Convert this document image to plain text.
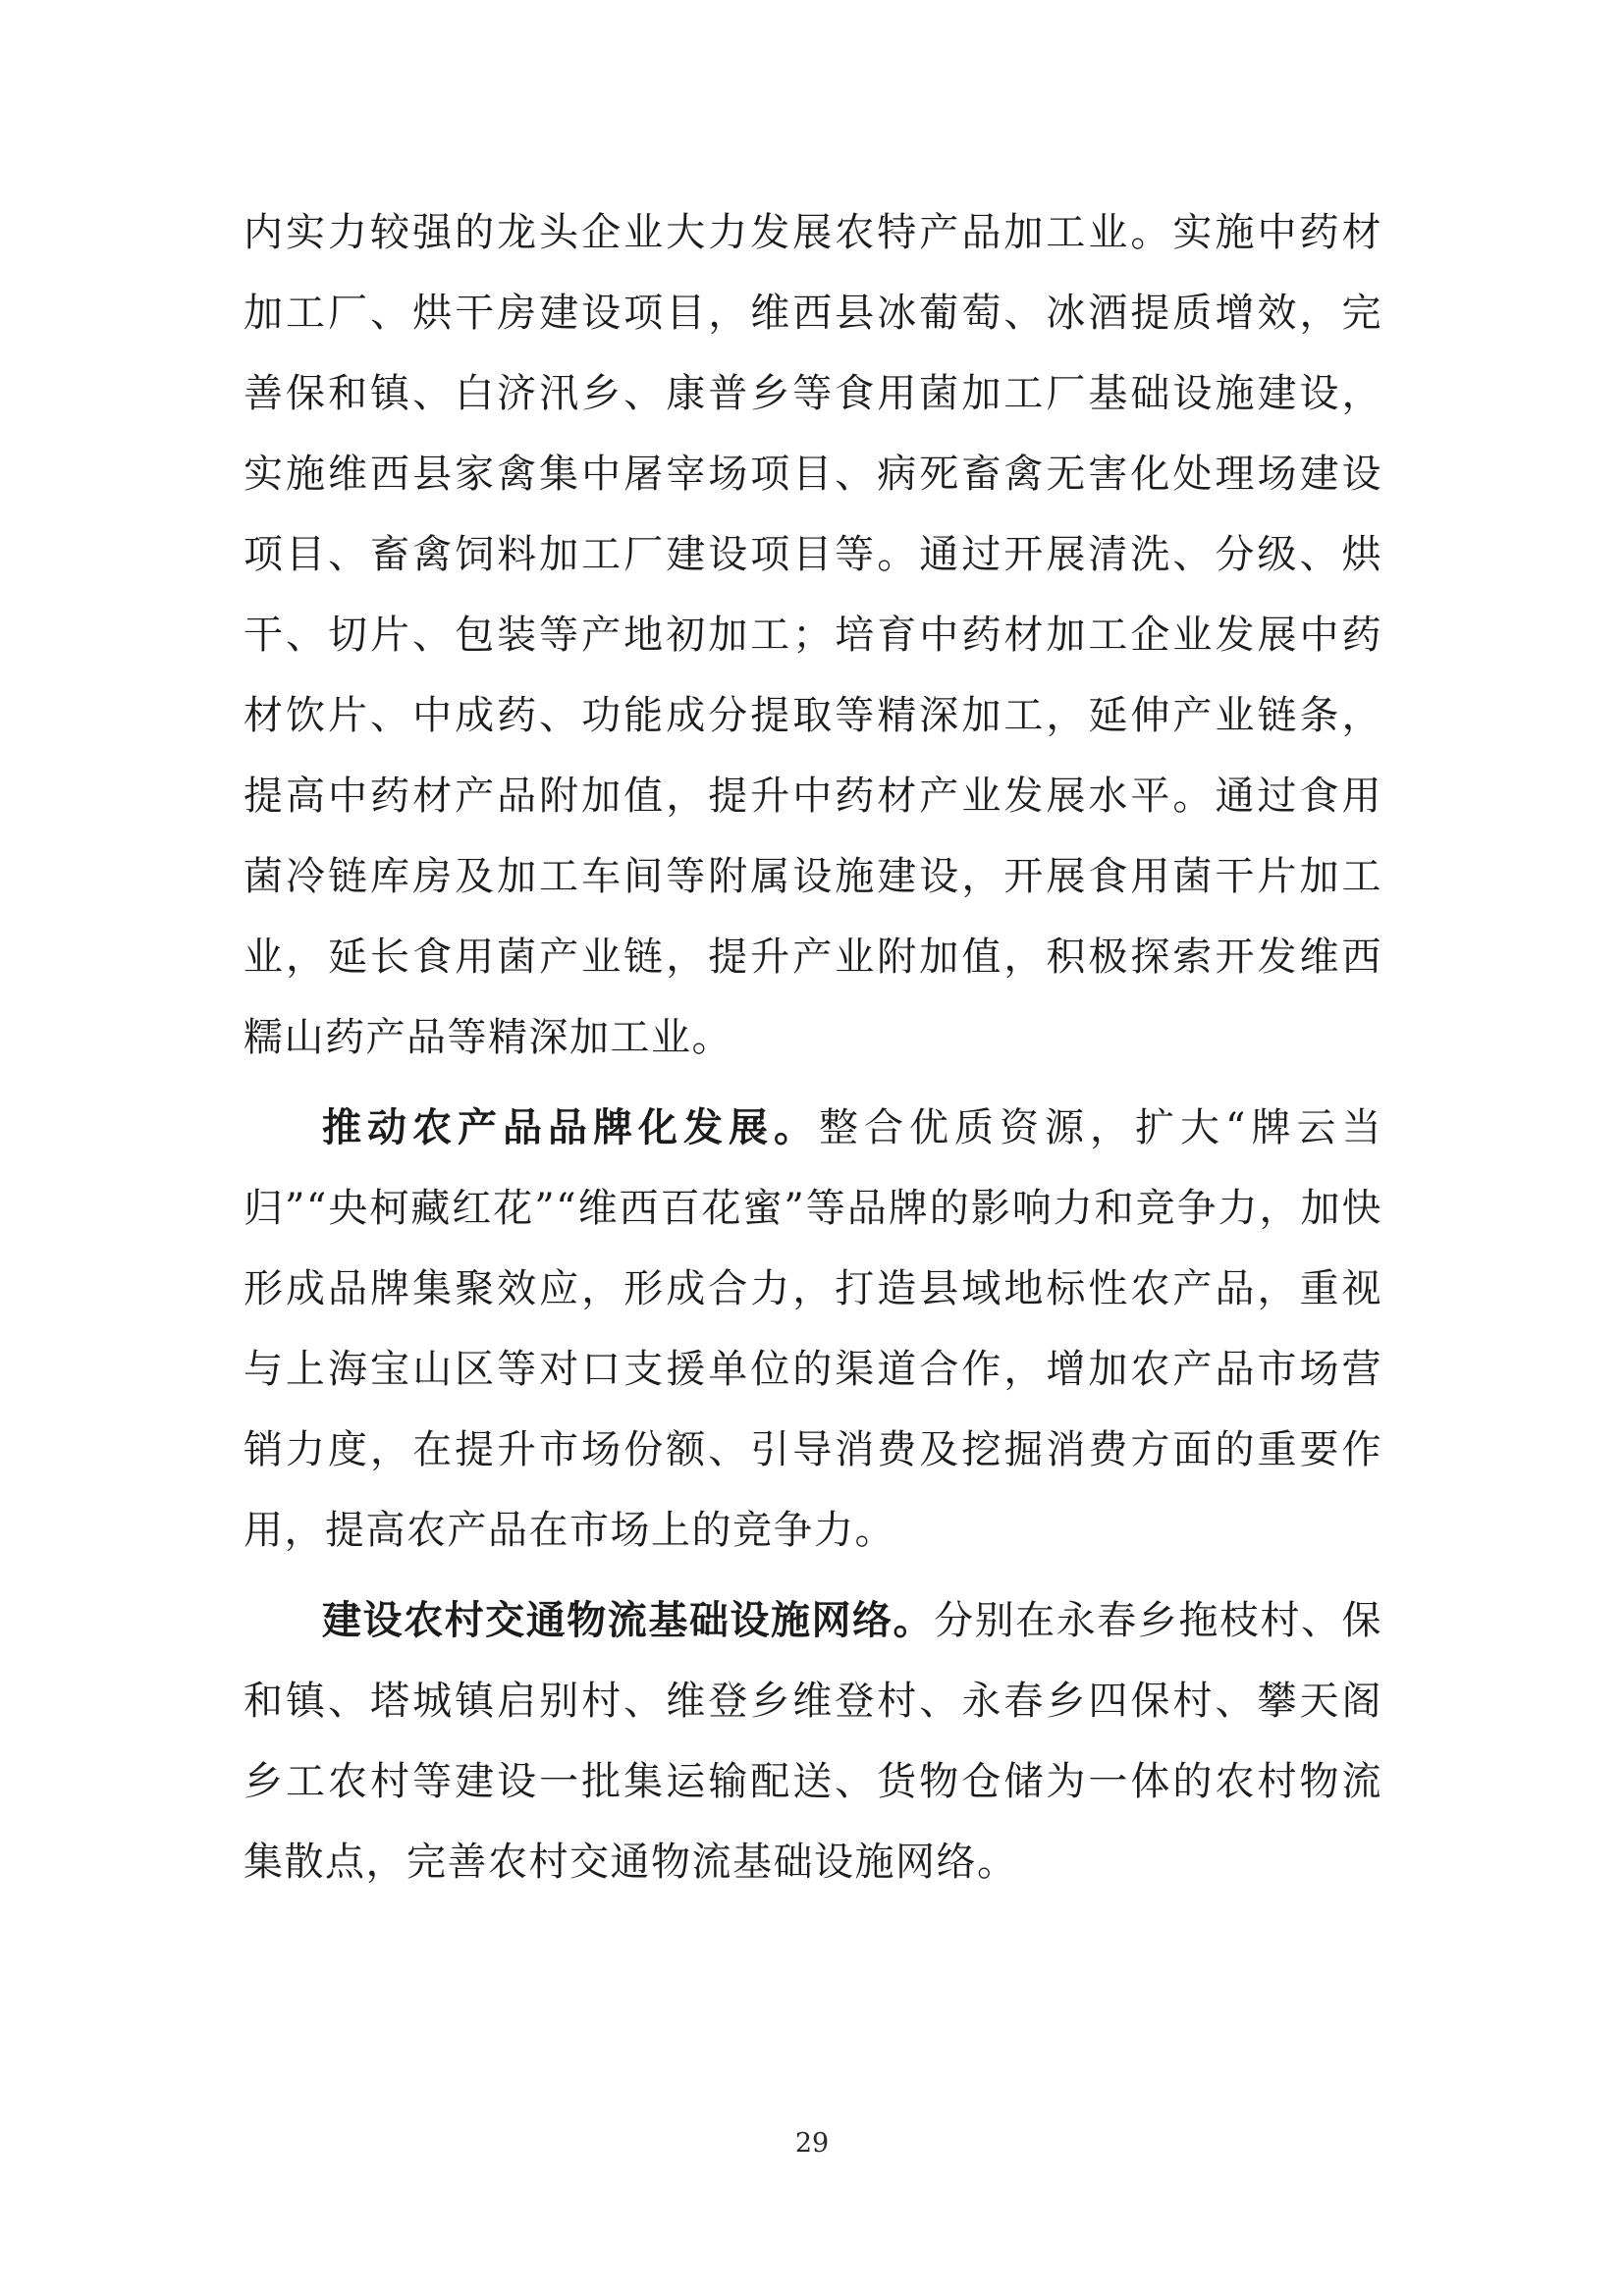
内实力较强的龙头企业大力发展农特产品加工业。实施中药材加工厂、烘干房建设项目，维西县冰葡萄、冰酒提质增效，完善保和镇、白济汛乡、康普乡等食用菌加工厂基础设施建设，实施维西县家禽集中屠宰场项目、病死畜禽无害化处理场建设项目、畜禽饲料加工厂建设项目等。通过开展清洗、分级、烘干、切片、包装等产地初加工；培育中药材加工企业发展中药材饮片、中成药、功能成分提取等精深加工，延伸产业链条，提高中药材产品附加值，提升中药材产业发展水平。通过食用菌冷链库房及加工车间等附属设施建设，开展食用菌干片加工业，延长食用菌产业链，提升产业附加值，积极探索开发维西糯山药产品等精深加工业。

推动农产品品牌化发展。整合优质资源，扩大“牌云当归”“央柯藏红花”“维西百花蜜”等品牌的影响力和竞争力，加快形成品牌集聚效应，形成合力，打造县域地标性农产品，重视与上海宝山区等对口支援单位的渠道合作，增加农产品市场营销力度，在提升市场份额、引导消费及挖掘消费方面的重要作用，提高农产品在市场上的竞争力。

建设农村交通物流基础设施网络。分别在永春乡拖枝村、保和镇、塔城镇启别村、维登乡维登村、永春乡四保村、攀天阁乡工农村等建设一批集运输配送、货物仓储为一体的农村物流集散点，完善农村交通物流基础设施网络。

29
